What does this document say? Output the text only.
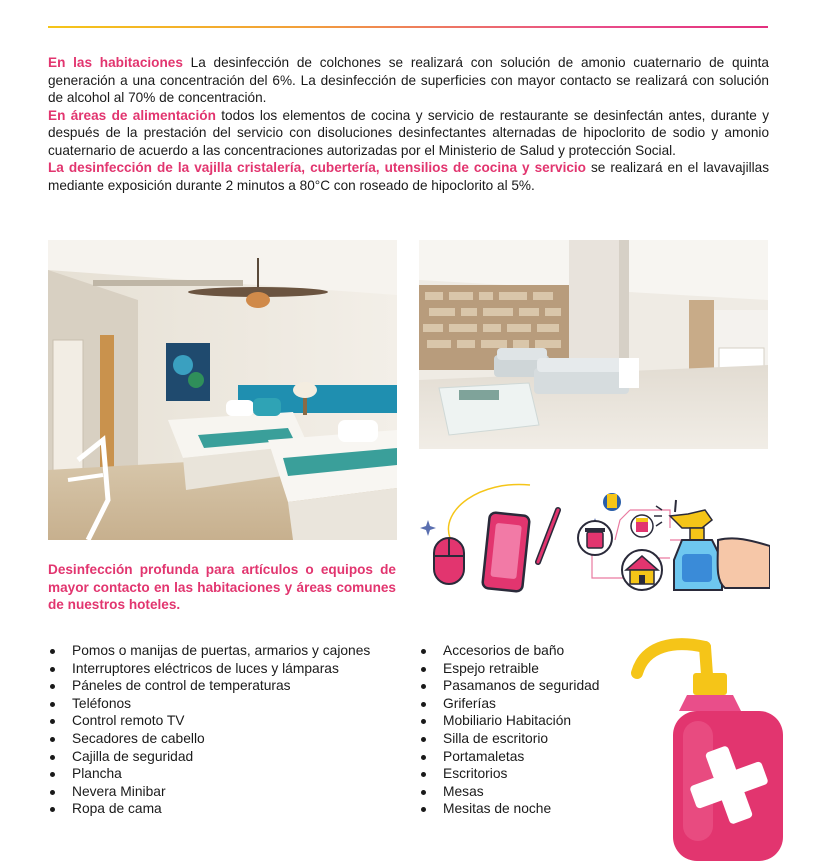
En las habitaciones La desinfección de colchones se realizará con solución de amonio cuaternario de quinta generación a una concentración del 6%. La desinfección de superficies con mayor contacto se realizará con solución de alcohol al 70% de concentración.

En áreas de alimentación todos los elementos de cocina y servicio de restaurante se desinfectán antes, durante y después de la prestación del servicio con disoluciones desinfectantes alternadas de hipoclorito de sodio y amonio cuaternario de acuerdo a las concentraciones autorizadas por el Ministerio de Salud y protección Social.

La desinfección de la vajilla cristalería, cubertería, utensilios de cocina y servicio se realizará en el lavavajillas mediante exposición durante 2 minutos a 80°C con roseado de hipoclorito al 5%.

Desinfección profunda para artículos o equipos de mayor contacto en las habitaciones y áreas comunes de nuestros hoteles.
Pomos o manijas de puertas, armarios y cajones
Interruptores eléctricos de luces y lámparas
Páneles de control de temperaturas
Teléfonos
Control remoto TV
Secadores de cabello
Cajilla de seguridad
Plancha
Nevera Minibar
Ropa de cama
Accesorios de baño
Espejo retraible
Pasamanos de seguridad
Griferías
Mobiliario Habitación
Silla de escritorio
Portamaletas
Escritorios
Mesas
Mesitas de noche
